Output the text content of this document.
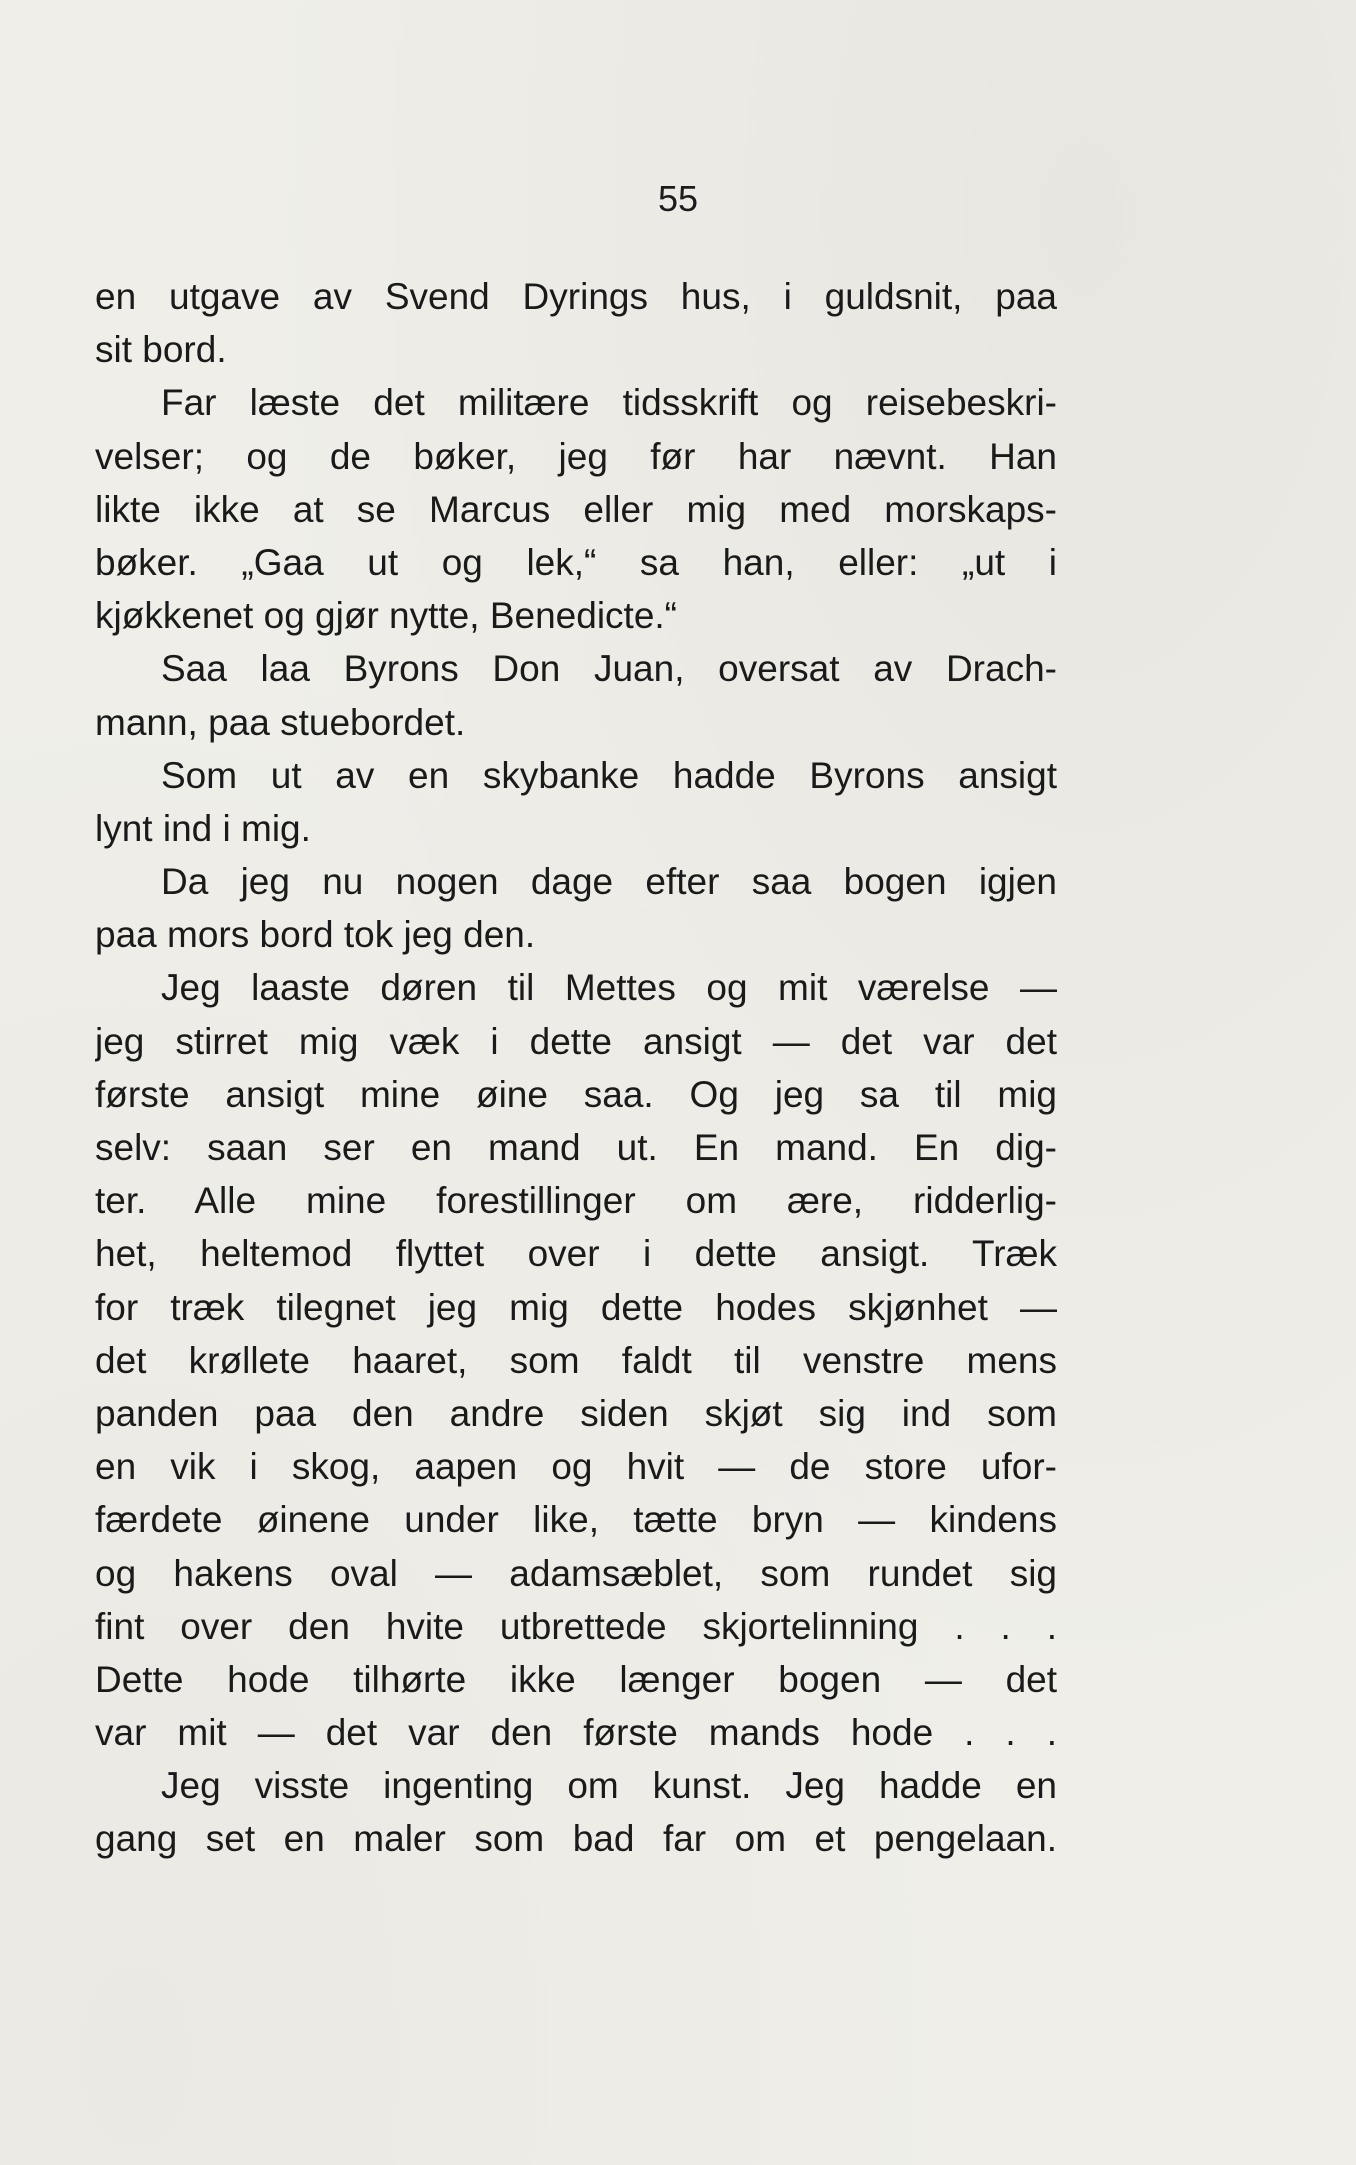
55

en utgave av Svend Dyrings hus, i guldsnit, paa
sit bord.
Far læste det militære tidsskrift og reisebeskri-
velser; og de bøker, jeg før har nævnt. Han
likte ikke at se Marcus eller mig med morskaps-
bøker. „Gaa ut og lek,“ sa han, eller: „ut i
kjøkkenet og gjør nytte, Benedicte.“
Saa laa Byrons Don Juan, oversat av Drach-
mann, paa stuebordet.
Som ut av en skybanke hadde Byrons ansigt
lynt ind i mig.
Da jeg nu nogen dage efter saa bogen igjen
paa mors bord tok jeg den.
Jeg laaste døren til Mettes og mit værelse —
jeg stirret mig væk i dette ansigt — det var det
første ansigt mine øine saa. Og jeg sa til mig
selv: saan ser en mand ut. En mand. En dig-
ter. Alle mine forestillinger om ære, ridderlig-
het, heltemod flyttet over i dette ansigt. Træk
for træk tilegnet jeg mig dette hodes skjønhet —
det krøllete haaret, som faldt til venstre mens
panden paa den andre siden skjøt sig ind som
en vik i skog, aapen og hvit — de store ufor-
færdete øinene under like, tætte bryn — kindens
og hakens oval — adamsæblet, som rundet sig
fint over den hvite utbrettede skjortelinning . . .
Dette hode tilhørte ikke længer bogen — det
var mit — det var den første mands hode . . .
Jeg visste ingenting om kunst. Jeg hadde en
gang set en maler som bad far om et pengelaan.
